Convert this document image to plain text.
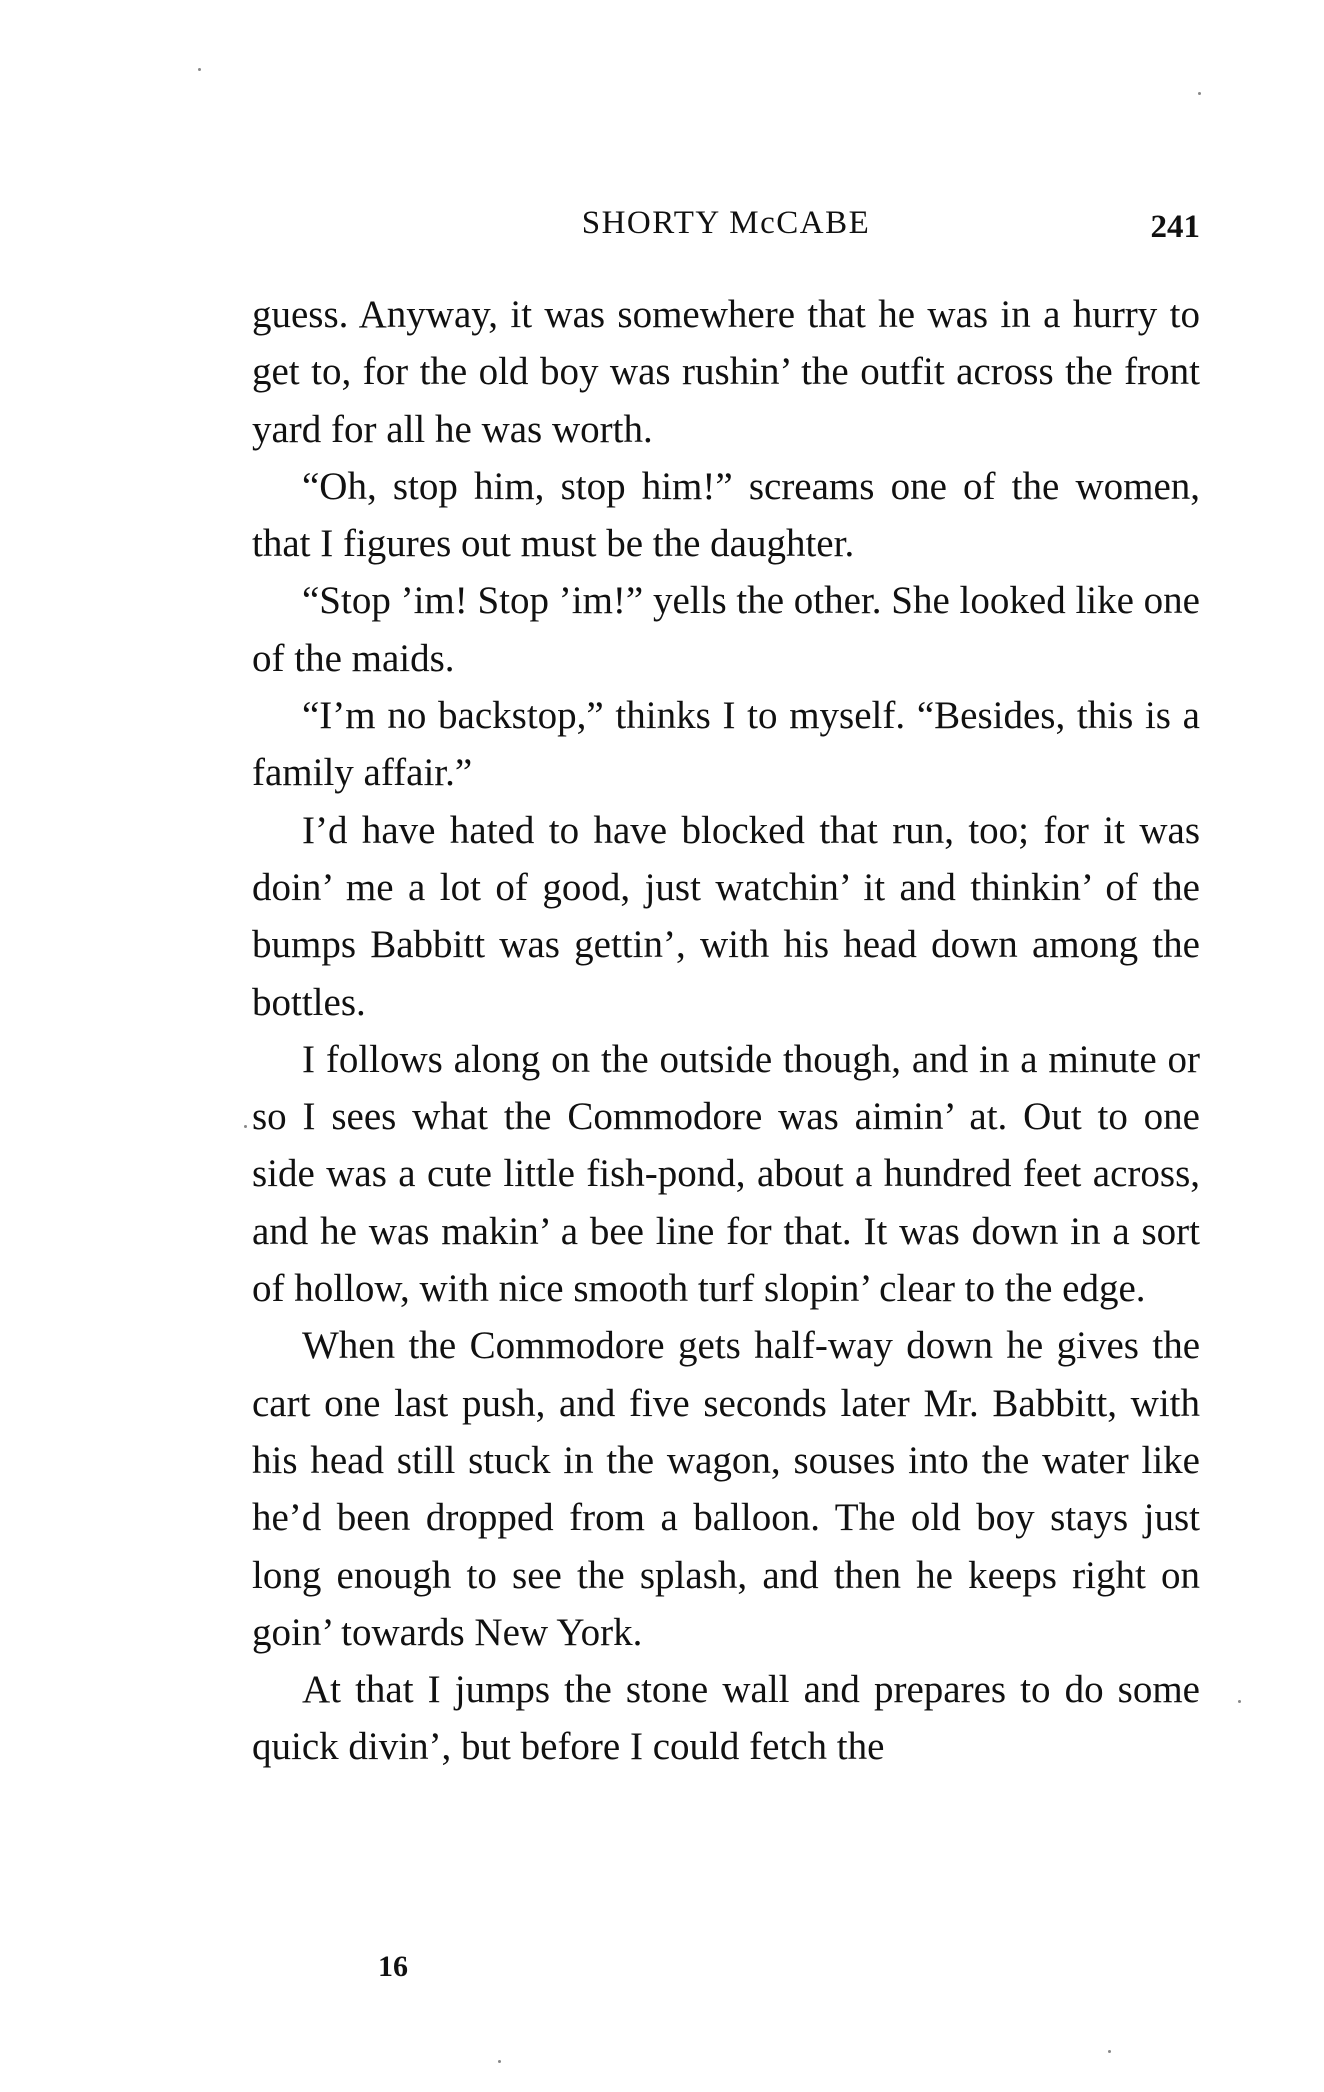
SHORTY McCABE	241

guess. Anyway, it was somewhere that he was in a hurry to get to, for the old boy was rushin’ the outfit across the front yard for all he was worth.

“Oh, stop him, stop him!” screams one of the women, that I figures out must be the daughter.

“Stop ’im! Stop ’im!” yells the other. She looked like one of the maids.

“I’m no backstop,” thinks I to myself. “Besides, this is a family affair.”

I’d have hated to have blocked that run, too; for it was doin’ me a lot of good, just watchin’ it and thinkin’ of the bumps Babbitt was gettin’, with his head down among the bottles.

I follows along on the outside though, and in a minute or so I sees what the Commodore was aimin’ at. Out to one side was a cute little fish-pond, about a hundred feet across, and he was makin’ a bee line for that. It was down in a sort of hollow, with nice smooth turf slopin’ clear to the edge.

When the Commodore gets half-way down he gives the cart one last push, and five seconds later Mr. Babbitt, with his head still stuck in the wagon, souses into the water like he’d been dropped from a balloon. The old boy stays just long enough to see the splash, and then he keeps right on goin’ towards New York.

At that I jumps the stone wall and prepares to do some quick divin’, but before I could fetch the

16
